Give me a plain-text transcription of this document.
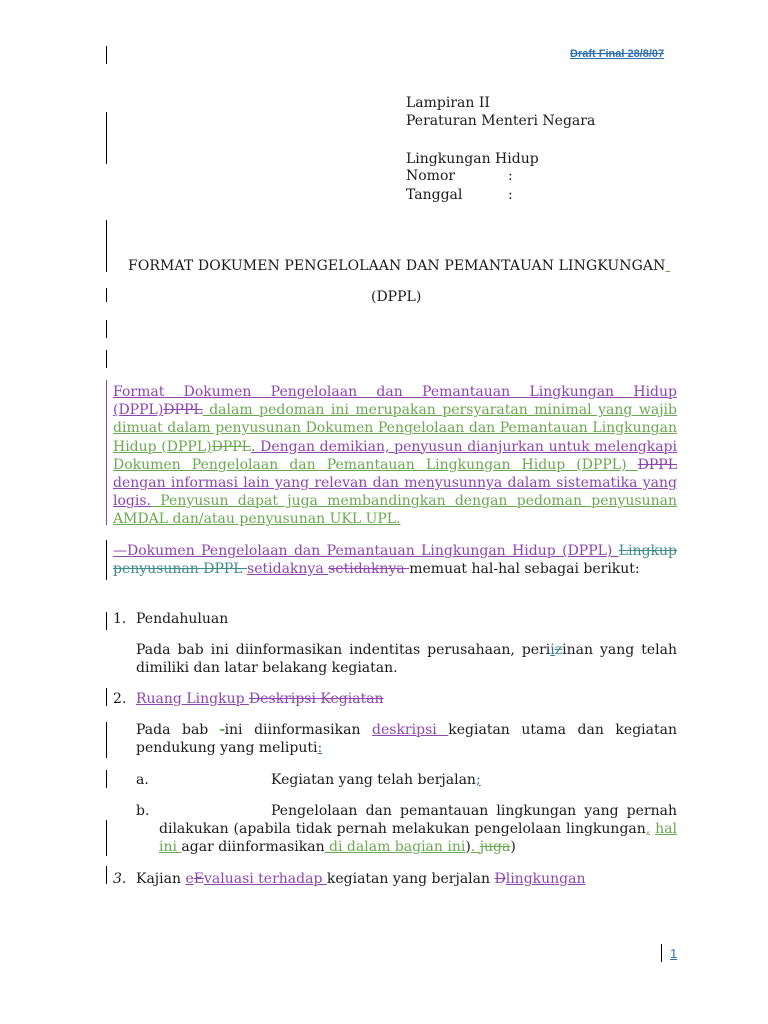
Draft Final 28/8/07
Lampiran II
Peraturan Menteri Negara
Lingkungan Hidup
Nomor	:
Tanggal	:
FORMAT DOKUMEN PENGELOLAAN DAN PEMANTAUAN LINGKUNGAN
(DPPL)
Format Dokumen Pengelolaan dan Pemantauan Lingkungan Hidup (DPPL)DPPL dalam pedoman ini merupakan persyaratan minimal yang wajib dimuat dalam penyusunan Dokumen Pengelolaan dan Pemantauan Lingkungan Hidup (DPPL)DPPL. Dengan demikian, penyusun dianjurkan untuk melengkapi Dokumen Pengelolaan dan Pemantauan Lingkungan Hidup (DPPL) DPPL dengan informasi lain yang relevan dan menyusunnya dalam sistematika yang logis. Penyusun dapat juga membandingkan dengan pedoman penyusunan AMDAL dan/atau penyusunan UKL UPL.
—Dokumen Pengelolaan dan Pemantauan Lingkungan Hidup (DPPL) Lingkup penyusunan DPPL setidaknya setidaknya memuat hal-hal sebagai berikut:
1. Pendahuluan
Pada bab ini diinformasikan indentitas perusahaan, periizinan yang telah dimiliki dan latar belakang kegiatan.
2. Ruang Lingkup Deskripsi Kegiatan
Pada bab -ini diinformasikan deskripsi kegiatan utama dan kegiatan pendukung yang meliputi:
a.	Kegiatan yang telah berjalan;
b.	Pengelolaan dan pemantauan lingkungan yang pernah dilakukan (apabila tidak pernah melakukan pengelolaan lingkungan, hal ini agar diinformasikan di dalam bagian ini). juga)
3. Kajian eEvaluasi terhadap kegiatan yang berjalan Dlingkungan
1
